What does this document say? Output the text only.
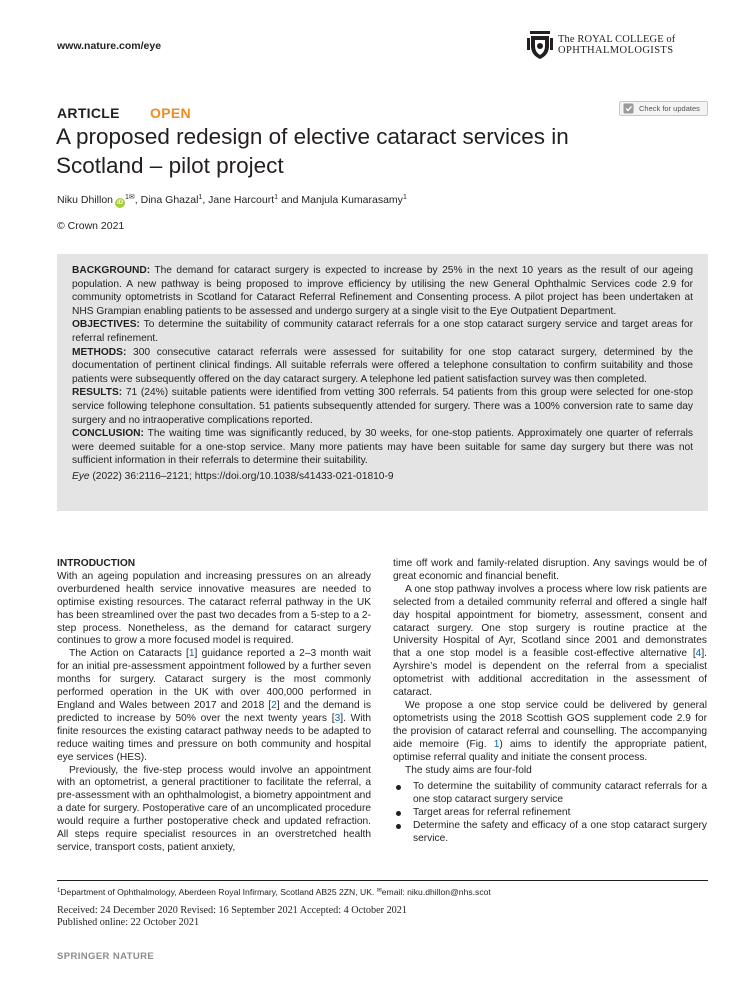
www.nature.com/eye
The ROYAL COLLEGE of
OPHTHALMOLOGISTS
ARTICLE OPEN	Check for updates
A proposed redesign of elective cataract services in Scotland – pilot project
Niku Dhillon $iD^{1✉}$, Dina Ghazal$^1$, Jane Harcourt$^1$ and Manjula Kumarasamy$^1$
© Crown 2021

BACKGROUND: The demand for cataract surgery is expected to increase by 25% in the next 10 years as the result of our ageing population. A new pathway is being proposed to improve efficiency by utilising the new General Ophthalmic Services code 2.9 for community optometrists in Scotland for Cataract Referral Refinement and Consenting process. A pilot project has been undertaken at NHS Grampian enabling patients to be assessed and undergo surgery at a single visit to the Eye Outpatient Department.

OBJECTIVES: To determine the suitability of community cataract referrals for a one stop cataract surgery service and target areas for referral refinement.

METHODS: 300 consecutive cataract referrals were assessed for suitability for one stop cataract surgery, determined by the documentation of pertinent clinical findings. All suitable referrals were offered a telephone consultation to confirm suitability and those patients were subsequently offered on the day cataract surgery. A telephone led patient satisfaction survey was then completed.

RESULTS: 71 (24%) suitable patients were identified from vetting 300 referrals. 54 patients from this group were selected for one-stop service following telephone consultation. 51 patients subsequently attended for surgery. There was a 100% conversion rate to same day surgery and no intraoperative complications reported.

CONCLUSION: The waiting time was significantly reduced, by 30 weeks, for one-stop patients. Approximately one quarter of referrals were deemed suitable for a one-stop service. Many more patients may have been suitable for same day surgery but there was not sufficient information in their referrals to determine their suitability.

Eye (2022) 36:2116–2121; https://doi.org/10.1038/s41433-021-01810-9

INTRODUCTION

With an ageing population and increasing pressures on an already overburdened health service innovative measures are needed to optimise existing resources. The cataract referral pathway in the UK has been streamlined over the past two decades from a 5-step to a 2-step process. Nonetheless, as the demand for cataract surgery continues to grow a more focused model is required.

The Action on Cataracts [1] guidance reported a 2–3 month wait for an initial pre-assessment appointment followed by a further seven months for surgery. Cataract surgery is the most commonly performed operation in the UK with over 400,000 performed in England and Wales between 2017 and 2018 [2] and the demand is predicted to increase by 50% over the next twenty years [3]. With finite resources the existing cataract pathway needs to be adapted to reduce waiting times and pressure on both community and hospital eye services (HES).

Previously, the five-step process would involve an appointment with an optometrist, a general practitioner to facilitate the referral, a pre-assessment with an ophthalmologist, a biometry appointment and a date for surgery. Postoperative care of an uncomplicated procedure would require a further postoperative check and updated refraction. All steps require specialist resources in an overstretched health service, transport costs, patient anxiety,

time off work and family-related disruption. Any savings would be of great economic and financial benefit.

A one stop pathway involves a process where low risk patients are selected from a detailed community referral and offered a single half day hospital appointment for biometry, assessment, consent and cataract surgery. One stop surgery is routine practice at the University Hospital of Ayr, Scotland since 2001 and demonstrates that a one stop model is a feasible cost-effective alternative [4]. Ayrshire’s model is dependent on the referral from a specialist optometrist with additional accreditation in the assessment of cataract.

We propose a one stop service could be delivered by general optometrists using the 2018 Scottish GOS supplement code 2.9 for the provision of cataract referral and counselling. The accompanying aide memoire (Fig. 1) aims to identify the appropriate patient, optimise referral quality and initiate the consent process.

The study aims are four-fold

To determine the suitability of community cataract referrals for a one stop cataract surgery service
Target areas for referral refinement
Determine the safety and efficacy of a one stop cataract surgery service.
$^1$Department of Ophthalmology, Aberdeen Royal Infirmary, Scotland AB25 2ZN, UK. ✉email: niku.dhillon@nhs.scot
Received: 24 December 2020 Revised: 16 September 2021 Accepted: 4 October 2021
Published online: 22 October 2021
SPRINGER NATURE
